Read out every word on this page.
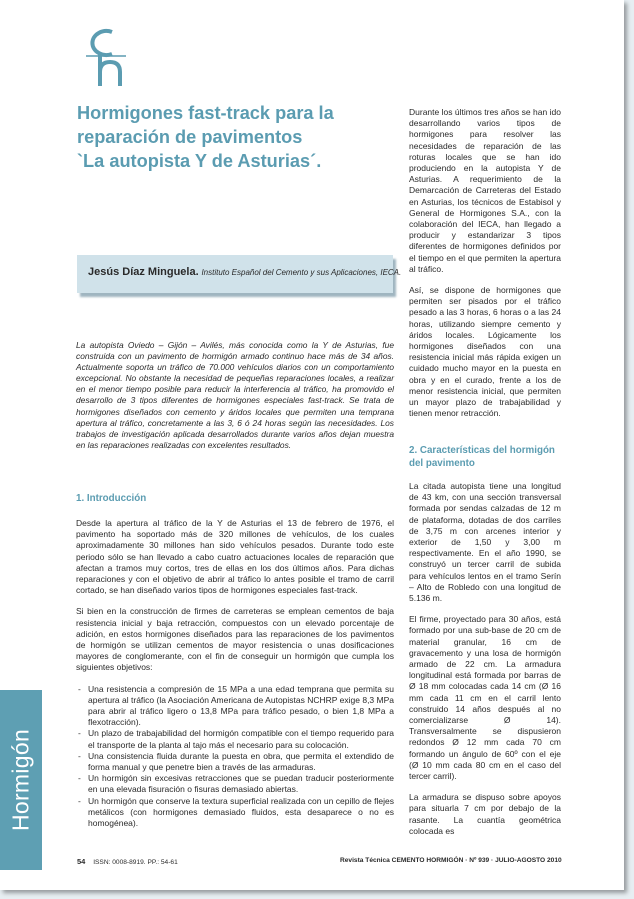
Hormigón
Hormigones fast-track para la
reparación de pavimentos
`La autopista Y de Asturias´.
Jesús Díaz Minguela. Instituto Español del Cemento y sus Aplicaciones, IECA.
La autopista Oviedo – Gijón – Avilés, más conocida como la Y de Asturias, fue construida con un pavimento de hormigón armado continuo hace más de 34 años. Actualmente soporta un tráfico de 70.000 vehículos diarios con un comportamiento excepcional. No obstante la necesidad de pequeñas reparaciones locales, a realizar en el menor tiempo posible para reducir la interferencia al tráfico, ha promovido el desarrollo de 3 tipos diferentes de hormigones especiales fast-track. Se trata de hormigones diseñados con cemento y áridos locales que permiten una temprana apertura al tráfico, concretamente a las 3, 6 ó 24 horas según las necesidades. Los trabajos de investigación aplicada desarrollados durante varios años dejan muestra en las reparaciones realizadas con excelentes resultados.
1. Introducción

Desde la apertura al tráfico de la Y de Asturias el 13 de febrero de 1976, el pavimento ha soportado más de 320 millones de vehículos, de los cuales aproximadamente 30 millones han sido vehículos pesados. Durante todo este periodo sólo se han llevado a cabo cuatro actuaciones locales de reparación que afectan a tramos muy cortos, tres de ellas en los dos últimos años. Para dichas reparaciones y con el objetivo de abrir al tráfico lo antes posible el tramo de carril cortado, se han diseñado varios tipos de hormigones especiales fast-track.

Si bien en la construcción de firmes de carreteras se emplean cementos de baja resistencia inicial y baja retracción, compuestos con un elevado porcentaje de adición, en estos hormigones diseñados para las reparaciones de los pavimentos de hormigón se utilizan cementos de mayor resistencia o unas dosificaciones mayores de conglomerante, con el fin de conseguir un hormigón que cumpla los siguientes objetivos:

- Una resistencia a compresión de 15 MPa a una edad temprana que permita su apertura al tráfico (la Asociación Americana de Autopistas NCHRP exige 8,3 MPa para abrir al tráfico ligero o 13,8 MPa para tráfico pesado, o bien 1,8 MPa a flexotracción).
- Un plazo de trabajabilidad del hormigón compatible con el tiempo requerido para el transporte de la planta al tajo más el necesario para su colocación.
- Una consistencia fluida durante la puesta en obra, que permita el extendido de forma manual y que penetre bien a través de las armaduras.
- Un hormigón sin excesivas retracciones que se puedan traducir posteriormente en una elevada fisuración o fisuras demasiado abiertas.
- Un hormigón que conserve la textura superficial realizada con un cepillo de flejes metálicos (con hormigones demasiado fluidos, esta desaparece o no es homogénea).

Durante los últimos tres años se han ido desarrollando varios tipos de hormigones para resolver las necesidades de reparación de las roturas locales que se han ido produciendo en la autopista Y de Asturias. A requerimiento de la Demarcación de Carreteras del Estado en Asturias, los técnicos de Estabisol y General de Hormigones S.A., con la colaboración del IECA, han llegado a producir y estandarizar 3 tipos diferentes de hormigones definidos por el tiempo en el que permiten la apertura al tráfico.

Así, se dispone de hormigones que permiten ser pisados por el tráfico pesado a las 3 horas, 6 horas o a las 24 horas, utilizando siempre cemento y áridos locales. Lógicamente los hormigones diseñados con una resistencia inicial más rápida exigen un cuidado mucho mayor en la puesta en obra y en el curado, frente a los de menor resistencia inicial, que permiten un mayor plazo de trabajabilidad y tienen menor retracción.

2. Características del hormigón del pavimento

La citada autopista tiene una longitud de 43 km, con una sección transversal formada por sendas calzadas de 12 m de plataforma, dotadas de dos carriles de 3,75 m con arcenes interior y exterior de 1,50 y 3,00 m respectivamente. En el año 1990, se construyó un tercer carril de subida para vehículos lentos en el tramo Serín – Alto de Robledo con una longitud de 5.136 m.

El firme, proyectado para 30 años, está formado por una sub-base de 20 cm de material granular, 16 cm de gravacemento y una losa de hormigón armado de 22 cm. La armadura longitudinal está formada por barras de Ø 18 mm colocadas cada 14 cm (Ø 16 mm cada 11 cm en el carril lento construido 14 años después al no comercializarse Ø 14). Transversalmente se dispusieron redondos Ø 12 mm cada 70 cm formando un ángulo de 60º con el eje (Ø 10 mm cada 80 cm en el caso del tercer carril).

La armadura se dispuso sobre apoyos para situarla 7 cm por debajo de la rasante. La cuantía geométrica colocada es

54 ISSN: 0008-8919. PP.: 54-61	Revista Técnica CEMENTO HORMIGÓN · Nº 939 · JULIO-AGOSTO 2010
